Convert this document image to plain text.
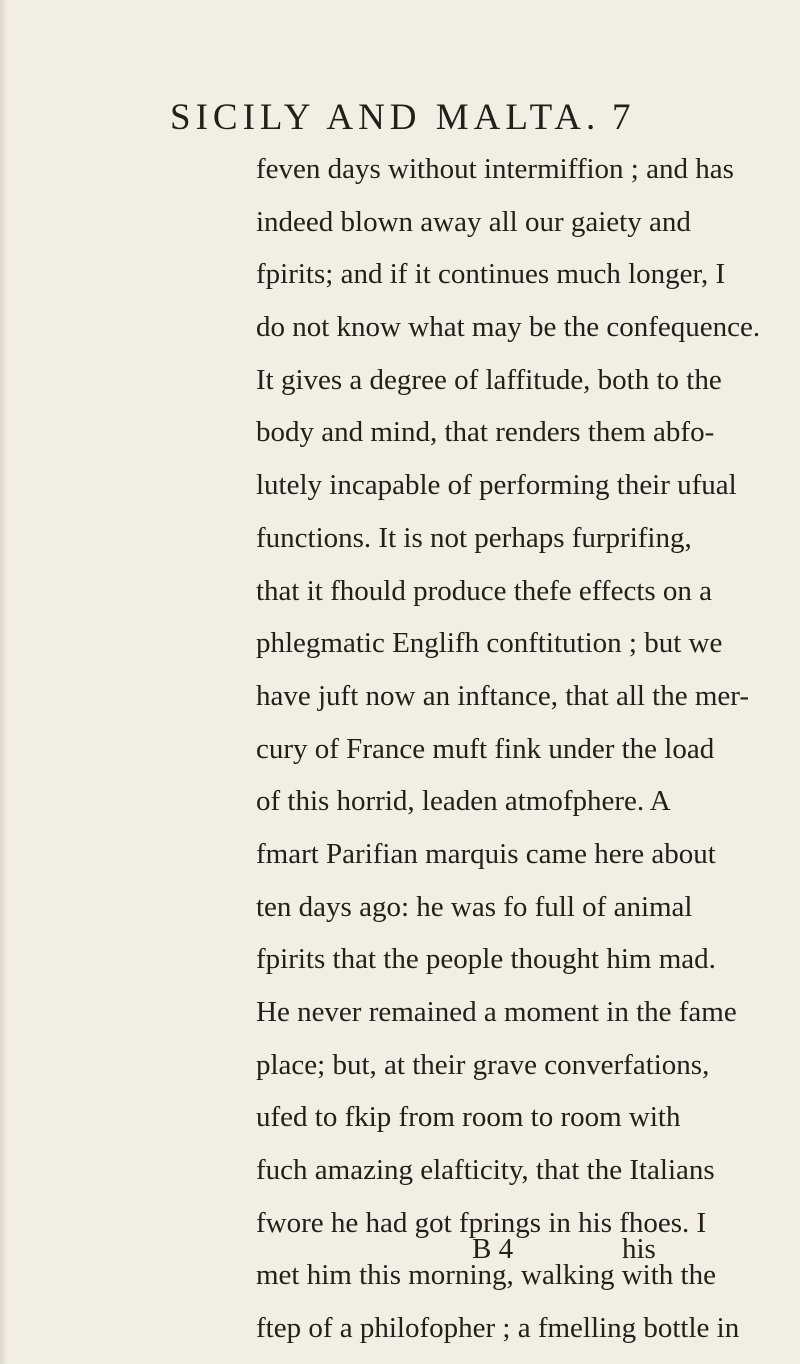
SICILY AND MALTA. 7
feven days without intermiffion ; and has
indeed blown away all our gaiety and
fpirits; and if it continues much longer, I
do not know what may be the confequence.
It gives a degree of laffitude, both to the
body and mind, that renders them abfo-
lutely incapable of performing their ufual
functions. It is not perhaps furprifing,
that it fhould produce thefe effects on a
phlegmatic Englifh conftitution ; but we
have juft now an inftance, that all the mer-
cury of France muft fink under the load
of this horrid, leaden atmofphere. A
fmart Parifian marquis came here about
ten days ago: he was fo full of animal
fpirits that the people thought him mad.
He never remained a moment in the fame
place; but, at their grave converfations,
ufed to fkip from room to room with
fuch amazing elafticity, that the Italians
fwore he had got fprings in his fhoes. I
met him this morning, walking with the
ftep of a philofopher ; a fmelling bottle in
B 4	his
